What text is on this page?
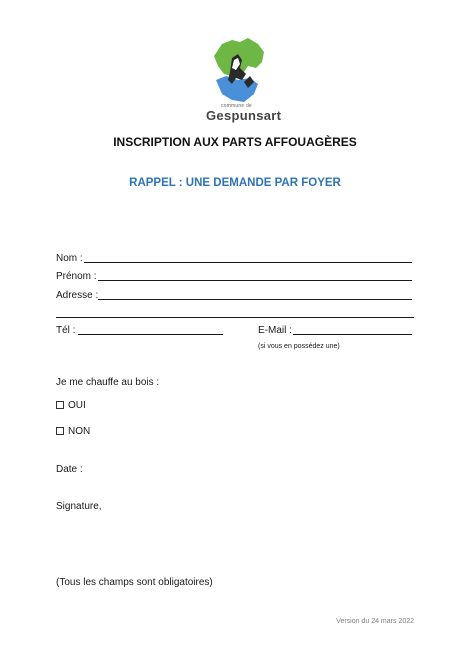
commune de
Gespunsart
INSCRIPTION AUX PARTS AFFOUAGÈRES
RAPPEL : UNE DEMANDE PAR FOYER
Nom :
Prénom :
Adresse :
Tél :	E-Mail :
(si vous en possédez une)
Je me chauffe au bois :
OUI
NON
Date :
Signature,
(Tous les champs sont obligatoires)
Version du 24 mars 2022
